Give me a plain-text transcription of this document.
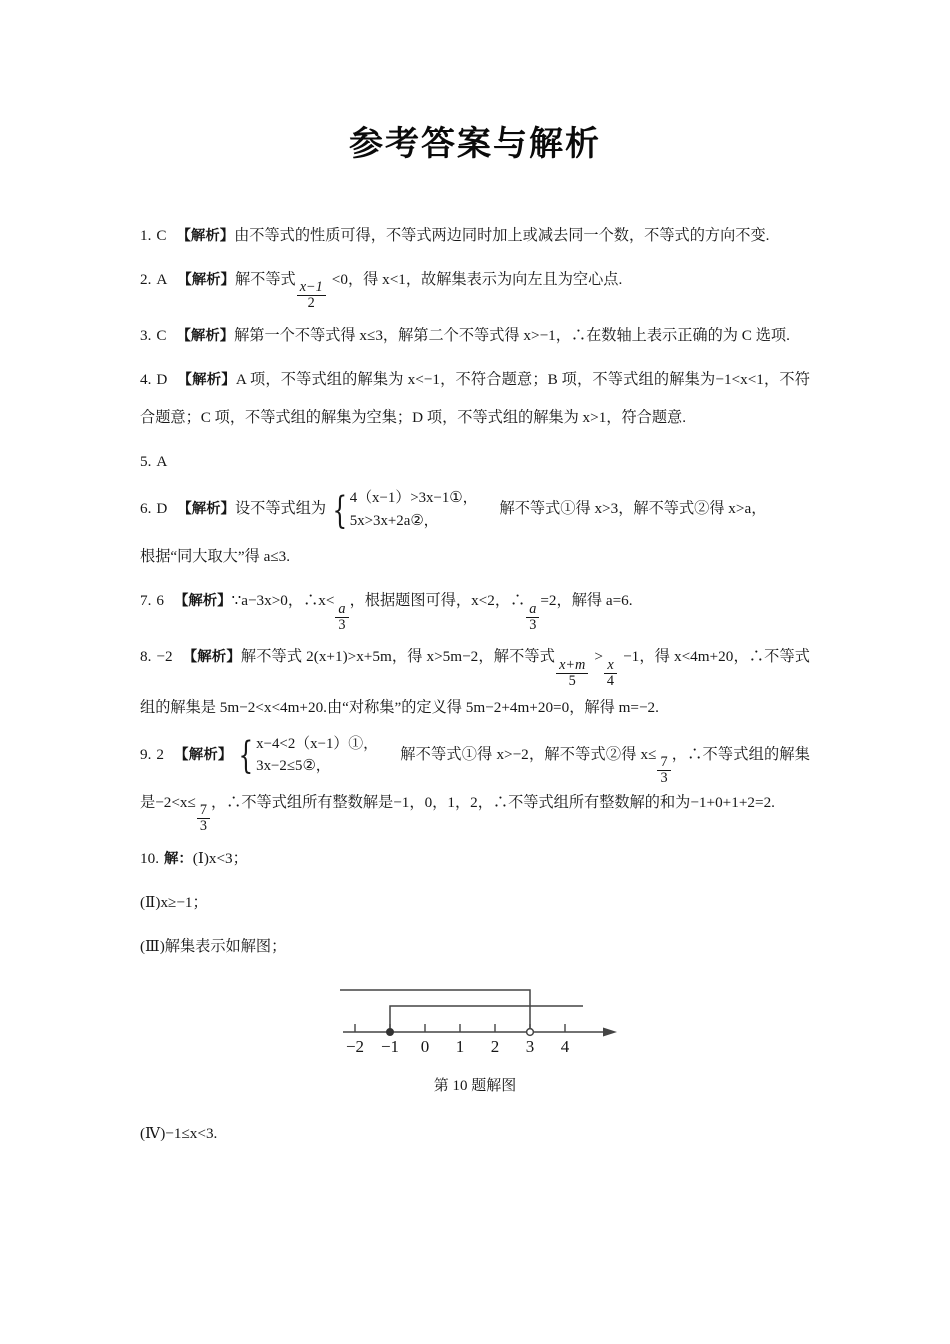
参考答案与解析

1. C 【解析】由不等式的性质可得，不等式两边同时加上或减去同一个数，不等式的方向不变.

2. A 【解析】解不等式
$\frac{x-1}{2}$
<0，得 x<1，故解集表示为向左且为空心点.

3. C 【解析】解第一个不等式得 x≤3，解第二个不等式得 x>−1，∴在数轴上表示正确的为 C 选项.

4. D 【解析】A 项，不等式组的解集为 x<−1，不符合题意；B 项，不等式组的解集为−1<x<1，不符合题意；C 项，不等式组的解集为空集；D 项，不等式组的解集为 x>1，符合题意.

5. A

6. D 【解析】设不等式组为 { 4（x−1）>3x−1①，
5x>3x+2a②，
解不等式①得 x>3，解不等式②得 x>a，

根据“同大取大”得 a≤3.

7. 6 【解析】∵a−3x>0，∴x<
$\frac{a}{3}$
，根据题图可得，x<2，∴
$\frac{a}{3}$
=2，解得 a=6.

8. −2 【解析】解不等式 2(x+1)>x+5m，得 x>5m−2，解不等式
$\frac{x+m}{5}$
>
$\frac{x}{4}$
−1，得 x<4m+20，∴不等式组的解集是 5m−2<x<4m+20.由“对称集”的定义得 5m−2+4m+20=0，解得 m=−2.

9. 2 【解析】 { x−4<2（x−1）①，
3x−2≤5②，
解不等式①得 x>−2，解不等式②得 x≤
$\frac{7}{3}$
，∴不等式组的解集是−2<x≤
$\frac{7}{3}$
，∴不等式组所有整数解是−1，0，1，2，∴不等式组所有整数解的和为−1+0+1+2=2.

10. 解：(Ⅰ)x<3；

(Ⅱ)x≥−1；

(Ⅲ)解集表示如解图；

−2 −1 0 1 2 3 4
第 10 题解图

(Ⅳ)−1≤x<3.
